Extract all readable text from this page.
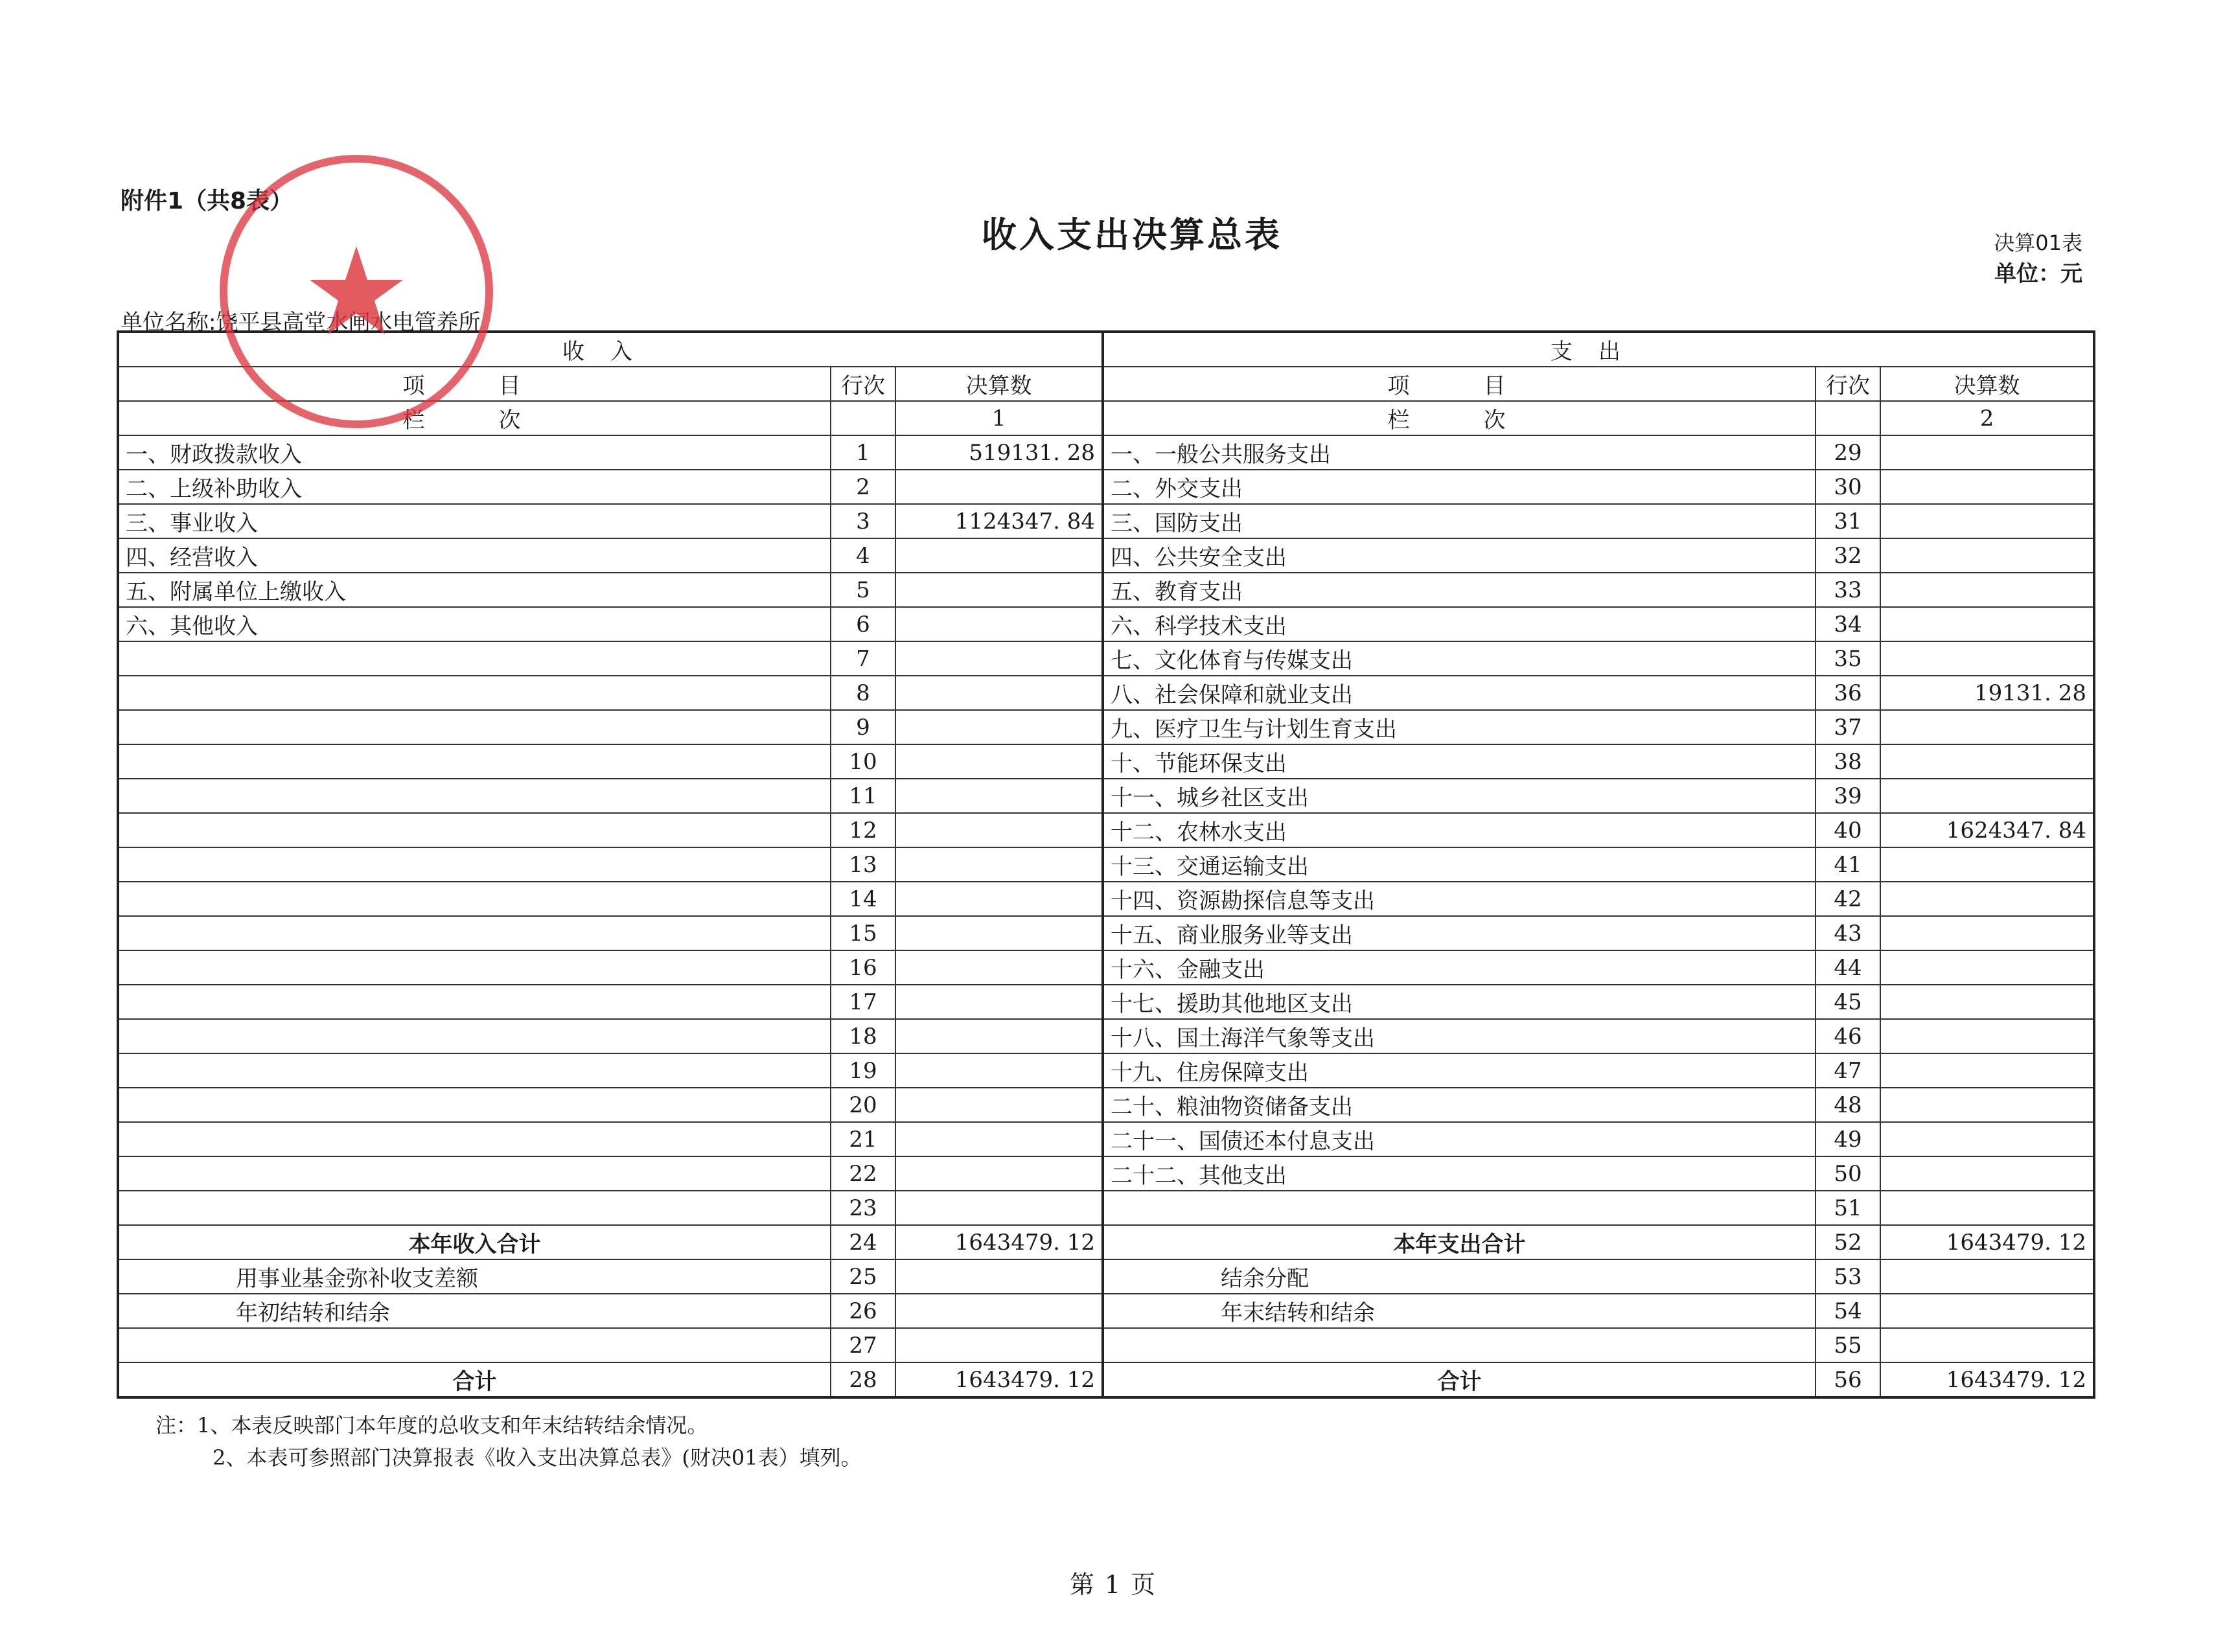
附件1（共8表）
收入支出决算总表	决算01表
单位：元
单位名称:饶平县高堂水闸水电管养所
收入			支出		
项　目	行次	决算数	项　目	行次	决算数
栏　次		1	栏　次		2
一、财政拨款收入	1	519131. 28	一、一般公共服务支出	29	
二、上级补助收入	2		二、外交支出	30	
三、事业收入	3	1124347. 84	三、国防支出	31	
四、经营收入	4		四、公共安全支出	32	
五、附属单位上缴收入	5		五、教育支出	33	
六、其他收入	6		六、科学技术支出	34	
	7		七、文化体育与传媒支出	35	
	8		八、社会保障和就业支出	36	19131. 28
	9		九、医疗卫生与计划生育支出	37	
	10		十、节能环保支出	38	
	11		十一、城乡社区支出	39	
	12		十二、农林水支出	40	1624347. 84
	13		十三、交通运输支出	41	
	14		十四、资源勘探信息等支出	42	
	15		十五、商业服务业等支出	43	
	16		十六、金融支出	44	
	17		十七、援助其他地区支出	45	
	18		十八、国土海洋气象等支出	46	
	19		十九、住房保障支出	47	
	20		二十、粮油物资储备支出	48	
	21		二十一、国债还本付息支出	49	
	22		二十二、其他支出	50	
	23			51	
本年收入合计	24	1643479. 12	本年支出合计	52	1643479. 12
用事业基金弥补收支差额	25		结余分配	53	
年初结转和结余	26		年末结转和结余	54	
	27			55	
合计	28	1643479. 12	合计	56	1643479. 12
注：1、本表反映部门本年度的总收支和年末结转结余情况。
2、本表可参照部门决算报表《收入支出决算总表》(财决01表）填列。
第 1 页
